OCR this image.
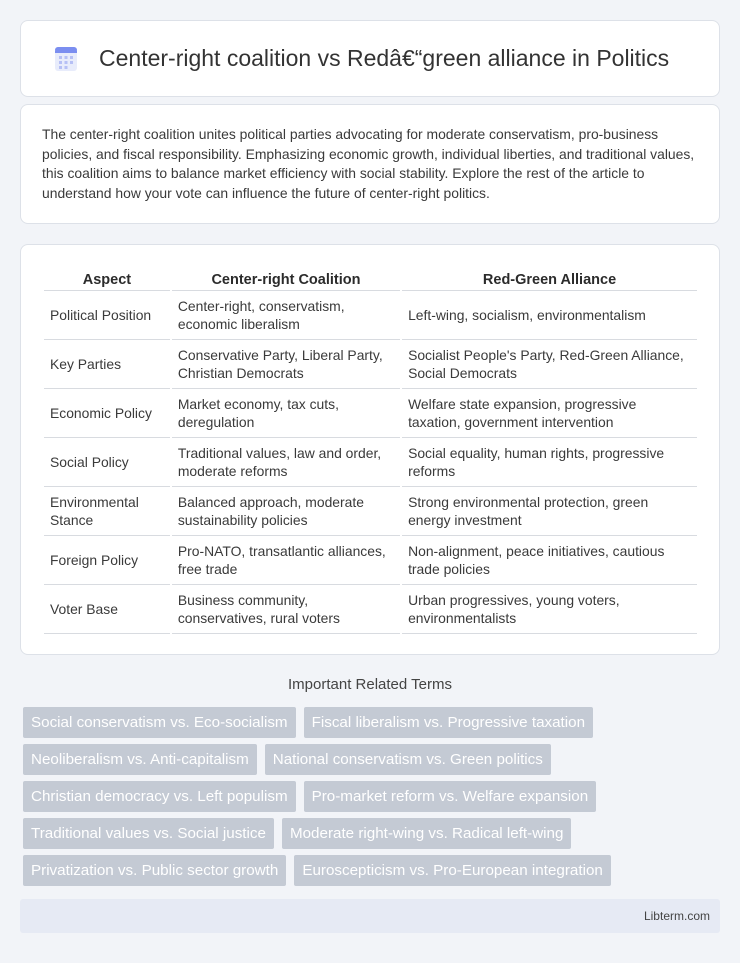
Center-right coalition vs Redâ€“green alliance in Politics

The center-right coalition unites political parties advocating for moderate conservatism, pro-business policies, and fiscal responsibility. Emphasizing economic growth, individual liberties, and traditional values, this coalition aims to balance market efficiency with social stability. Explore the rest of the article to understand how your vote can influence the future of center-right politics.

Aspect	Center-right Coalition	Red-Green Alliance
Political Position	Center-right, conservatism, economic liberalism	Left-wing, socialism, environmentalism
Key Parties	Conservative Party, Liberal Party, Christian Democrats	Socialist People's Party, Red-Green Alliance, Social Democrats
Economic Policy	Market economy, tax cuts, deregulation	Welfare state expansion, progressive taxation, government intervention
Social Policy	Traditional values, law and order, moderate reforms	Social equality, human rights, progressive reforms
Environmental Stance	Balanced approach, moderate sustainability policies	Strong environmental protection, green energy investment
Foreign Policy	Pro-NATO, transatlantic alliances, free trade	Non-alignment, peace initiatives, cautious trade policies
Voter Base	Business community, conservatives, rural voters	Urban progressives, young voters, environmentalists
Important Related Terms
Social conservatism vs. Eco-socialism	Fiscal liberalism vs. Progressive taxation
Neoliberalism vs. Anti-capitalism	National conservatism vs. Green politics
Christian democracy vs. Left populism	Pro-market reform vs. Welfare expansion
Traditional values vs. Social justice	Moderate right-wing vs. Radical left-wing
Privatization vs. Public sector growth	Euroscepticism vs. Pro-European integration
Libterm.com
